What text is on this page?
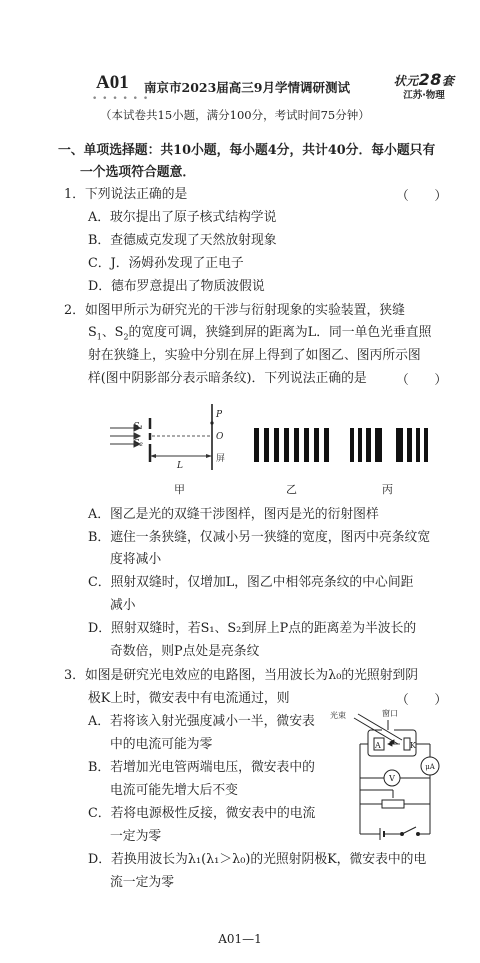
A01
• • • • • •
南京市2023届高三9月学情调研测试	状元28套
江苏·物理
（本试卷共15小题，满分100分，考试时间75分钟）
一、单项选择题：共10小题，每小题4分，共计40分．每小题只有
一个选项符合题意．
1．下列说法正确的是	（　　）
A．玻尔提出了原子核式结构学说
B．查德威克发现了天然放射现象
C．J．汤姆孙发现了正电子
D．德布罗意提出了物质波假说
2．如图甲所示为研究光的干涉与衍射现象的实验装置，狭缝
$S_1$、$S_2$的宽度可调，狭缝到屏的距离为L．同一单色光垂直照
射在狭缝上，实验中分别在屏上得到了如图乙、图丙所示图
样(图中阴影部分表示暗条纹)．下列说法正确的是 （　　）
S₁
S₂
P
O
屏
L
甲	乙	丙
A．图乙是光的双缝干涉图样，图丙是光的衍射图样
B．遮住一条狭缝，仅减小另一狭缝的宽度，图丙中亮条纹宽
度将减小
C．照射双缝时，仅增加L，图乙中相邻亮条纹的中心间距
减小
D．照射双缝时，若S₁、S₂到屏上P点的距离差为半波长的
奇数倍，则P点处是亮条纹
3．如图是研究光电效应的电路图，当用波长为λ₀的光照射到阴
极K上时，微安表中有电流通过，则	（　　）
A．若将该入射光强度减小一半，微安表
中的电流可能为零
B．若增加光电管两端电压，微安表中的
电流可能先增大后不变
C．若将电源极性反接，微安表中的电流
一定为零
D．若换用波长为λ₁(λ₁＞λ₀)的光照射阴极K，微安表中的电
流一定为零
光束	窗口
A	K
V
μA
A01—1
